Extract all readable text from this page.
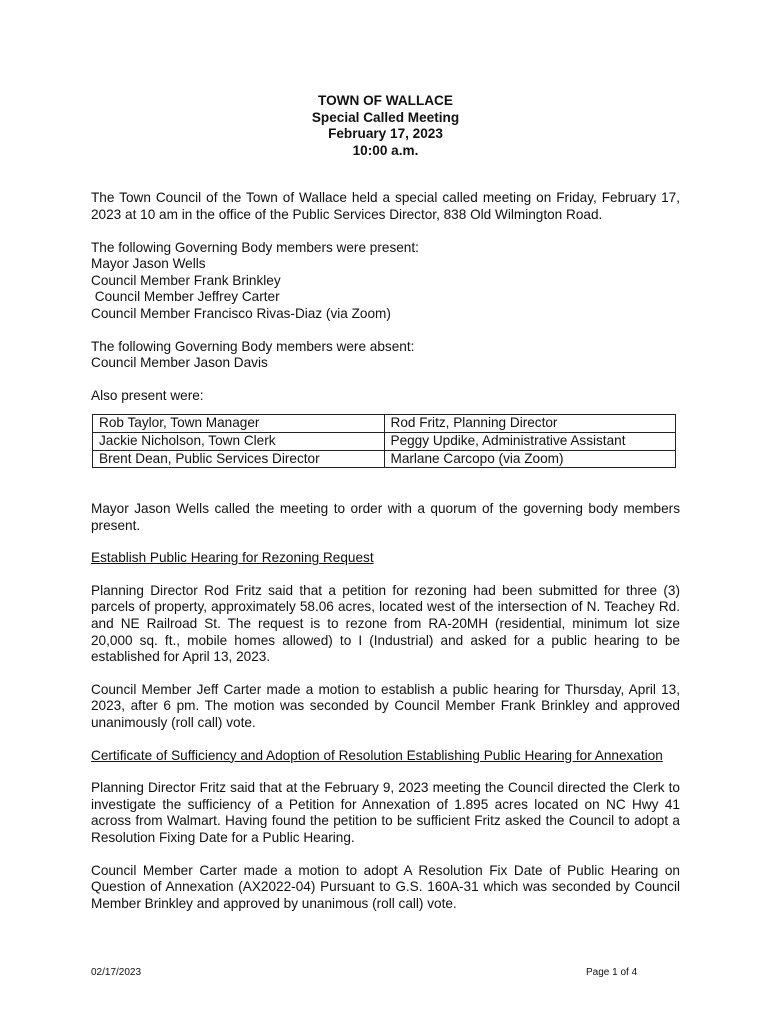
TOWN OF WALLACE
Special Called Meeting
February 17, 2023
10:00 a.m.

The Town Council of the Town of Wallace held a special called meeting on Friday, February 17, 2023 at 10 am in the office of the Public Services Director, 838 Old Wilmington Road.

The following Governing Body members were present:

Mayor Jason Wells

Council Member Frank Brinkley

Council Member Jeffrey Carter

Council Member Francisco Rivas-Diaz (via Zoom)

The following Governing Body members were absent:

Council Member Jason Davis

Also present were:

Rob Taylor, Town Manager	Rod Fritz, Planning Director
Jackie Nicholson, Town Clerk	Peggy Updike, Administrative Assistant
Brent Dean, Public Services Director	Marlane Carcopo (via Zoom)

Mayor Jason Wells called the meeting to order with a quorum of the governing body members present.

Establish Public Hearing for Rezoning Request

Planning Director Rod Fritz said that a petition for rezoning had been submitted for three (3) parcels of property, approximately 58.06 acres, located west of the intersection of N. Teachey Rd. and NE Railroad St. The request is to rezone from RA-20MH (residential, minimum lot size 20,000 sq. ft., mobile homes allowed) to I (Industrial) and asked for a public hearing to be established for April 13, 2023.

Council Member Jeff Carter made a motion to establish a public hearing for Thursday, April 13, 2023, after 6 pm. The motion was seconded by Council Member Frank Brinkley and approved unanimously (roll call) vote.

Certificate of Sufficiency and Adoption of Resolution Establishing Public Hearing for Annexation

Planning Director Fritz said that at the February 9, 2023 meeting the Council directed the Clerk to investigate the sufficiency of a Petition for Annexation of 1.895 acres located on NC Hwy 41 across from Walmart. Having found the petition to be sufficient Fritz asked the Council to adopt a Resolution Fixing Date for a Public Hearing.

Council Member Carter made a motion to adopt A Resolution Fix Date of Public Hearing on Question of Annexation (AX2022-04) Pursuant to G.S. 160A-31 which was seconded by Council Member Brinkley and approved by unanimous (roll call) vote.

02/17/2023	Page 1 of 4
